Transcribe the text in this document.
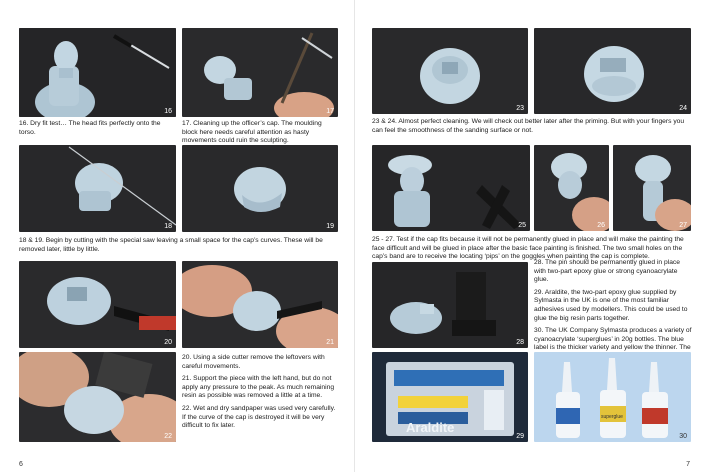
16	17
16. Dry fit test… The head fits perfectly onto the torso.
17. Cleaning up the officer’s cap. The moulding block here needs careful attention as hasty movements could ruin the sculpting.
18	19
18 & 19. Begin by cutting with the special saw leaving a small space for the cap’s curves. These will be removed later, little by little.
20	21
22

20. Using a side cutter remove the leftovers with careful movements.

21. Support the piece with the left hand, but do not apply any pressure to the peak. As much remaining resin as possible was removed a little at a time.

22. Wet and dry sandpaper was used very carefully. If the curve of the cap is destroyed it will be very difficult to fix later.

6
23	24
23 & 24. Almost perfect cleaning. We will check out better later after the priming. But with your fingers you can feel the smoothness of the sanding surface or not.
25	26	27
25 - 27. Test if the cap fits because it will not be permanently glued in place and will make the painting the face difficult and will be glued in place after the basic face painting is finished. The two small holes on the cap’s band are to receive the locating ‘pips’ on the goggles when painting the cap is complete.
28

28. The pin should be permanently glued in place with two-part epoxy glue or strong cyanoacrylate glue.

29. Araldite, the two-part epoxy glue supplied by Sylmasta in the UK is one of the most familiar adhesives used by modellers. This could be used to glue the big resin parts together.

30. The UK Company Sylmasta produces a variety of cyanoacrylate ‘superglues’ in 20g bottles. The blue label is the thicker variety and yellow the thinner. The

Araldite
29
superglue
30
7
